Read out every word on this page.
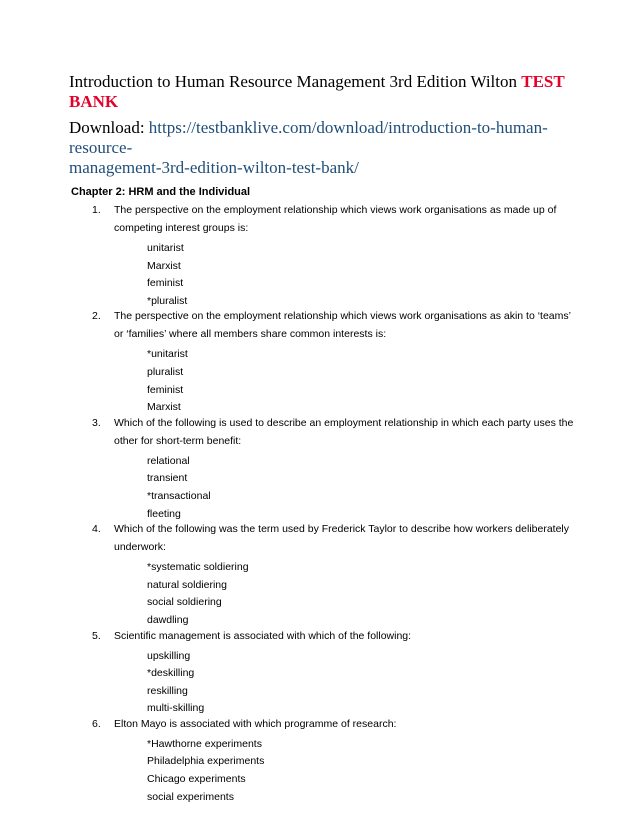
Introduction to Human Resource Management 3rd Edition Wilton TEST
BANK
Download: https://testbanklive.com/download/introduction-to-human-resource-
management-3rd-edition-wilton-test-bank/
Chapter 2: HRM and the Individual
1.	The perspective on the employment relationship which views work organisations as made up of
competing interest groups is:
unitarist
Marxist
feminist
*pluralist
2.	The perspective on the employment relationship which views work organisations as akin to ‘teams’
or ‘families’ where all members share common interests is:
*unitarist
pluralist
feminist
Marxist
3.	Which of the following is used to describe an employment relationship in which each party uses the
other for short-term benefit:
relational
transient
*transactional
fleeting
4.	Which of the following was the term used by Frederick Taylor to describe how workers deliberately
underwork:
*systematic soldiering
natural soldiering
social soldiering
dawdling
5.	Scientific management is associated with which of the following:
upskilling
*deskilling
reskilling
multi-skilling
6.	Elton Mayo is associated with which programme of research:
*Hawthorne experiments
Philadelphia experiments
Chicago experiments
social experiments
